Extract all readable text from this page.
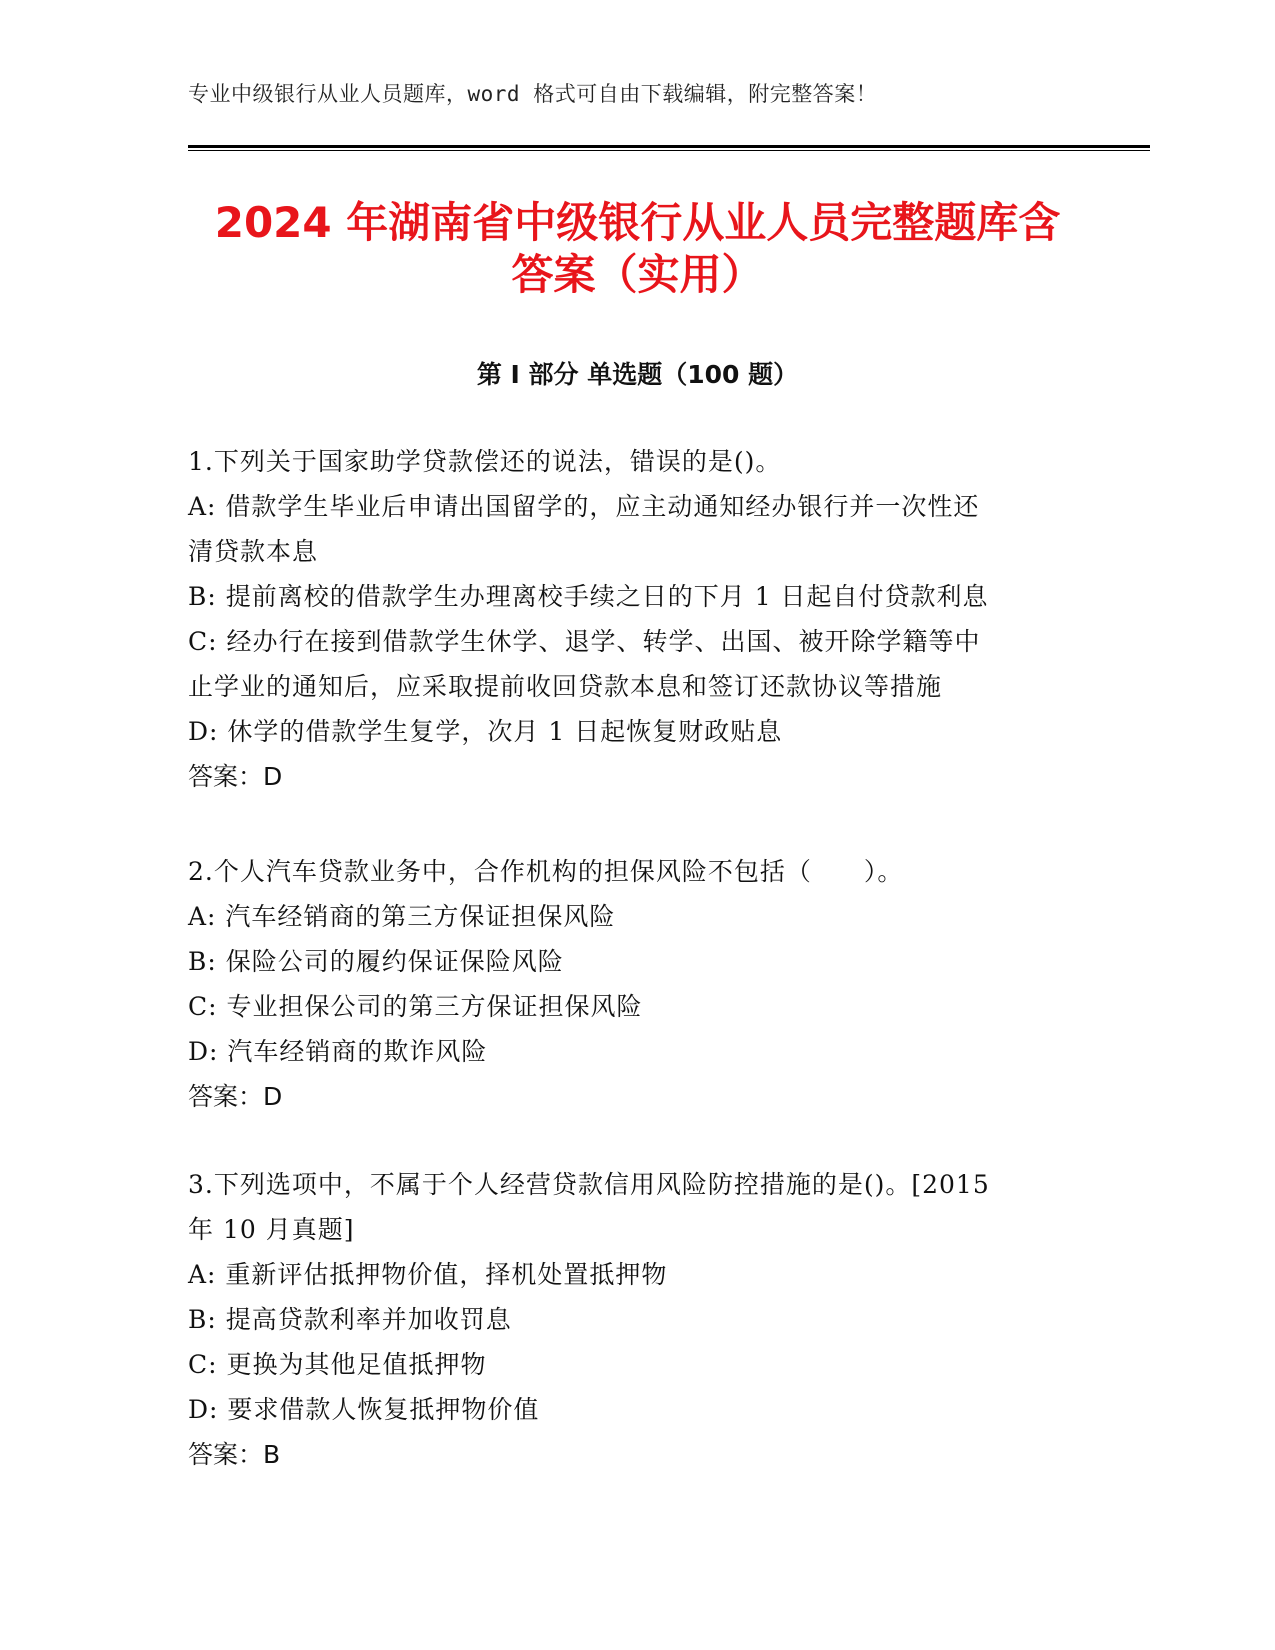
专业中级银行从业人员题库，word 格式可自由下载编辑，附完整答案！
2024 年湖南省中级银行从业人员完整题库含
答案（实用）
第 I 部分 单选题（100 题）
1.下列关于国家助学贷款偿还的说法，错误的是()。
A: 借款学生毕业后申请出国留学的，应主动通知经办银行并一次性还
清贷款本息
B: 提前离校的借款学生办理离校手续之日的下月 1 日起自付贷款利息
C: 经办行在接到借款学生休学、退学、转学、出国、被开除学籍等中
止学业的通知后，应采取提前收回贷款本息和签订还款协议等措施
D: 休学的借款学生复学，次月 1 日起恢复财政贴息
答案：D
2.个人汽车贷款业务中，合作机构的担保风险不包括（　　）。
A: 汽车经销商的第三方保证担保风险
B: 保险公司的履约保证保险风险
C: 专业担保公司的第三方保证担保风险
D: 汽车经销商的欺诈风险
答案：D
3.下列选项中，不属于个人经营贷款信用风险防控措施的是()。[2015
年 10 月真题]
A: 重新评估抵押物价值，择机处置抵押物
B: 提高贷款利率并加收罚息
C: 更换为其他足值抵押物
D: 要求借款人恢复抵押物价值
答案：B
